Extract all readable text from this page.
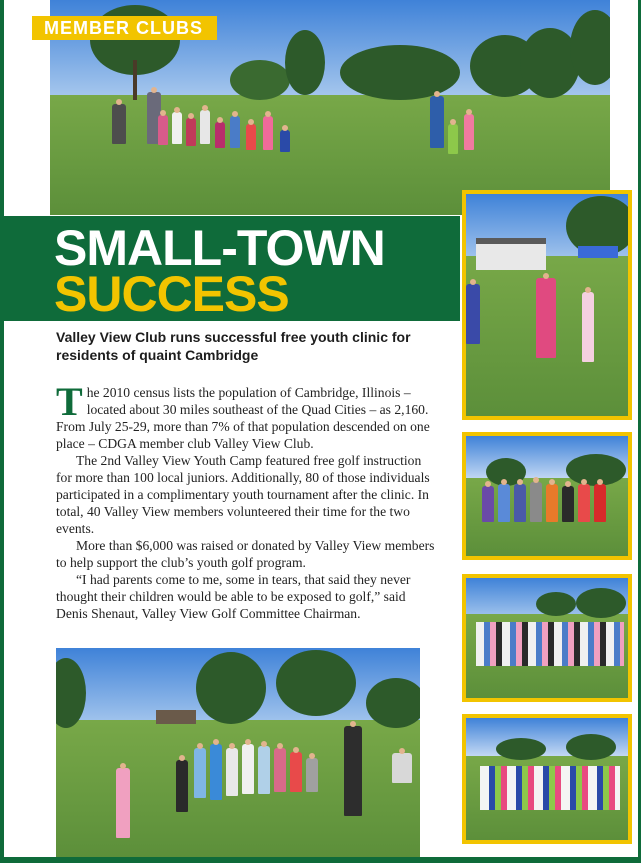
MEMBER CLUBS
SMALL-TOWN
SUCCESS
Valley View Club runs successful free youth clinic for residents of quaint Cambridge

The 2010 census lists the population of Cambridge, Illinois – located about 30 miles southeast of the Quad Cities – as 2,160. From July 25-29, more than 7% of that population descended on one place – CDGA member club Valley View Club.

The 2nd Valley View Youth Camp featured free golf instruction for more than 100 local juniors. Additionally, 80 of those individuals participated in a complimentary youth tournament after the clinic. In total, 40 Valley View members volunteered their time for the two events.

More than $6,000 was raised or donated by Valley View members to help support the club’s youth golf program.

“I had parents come to me, some in tears, that said they never thought their children would be able to be exposed to golf,” said Denis Shenaut, Valley View Golf Committee Chairman.
